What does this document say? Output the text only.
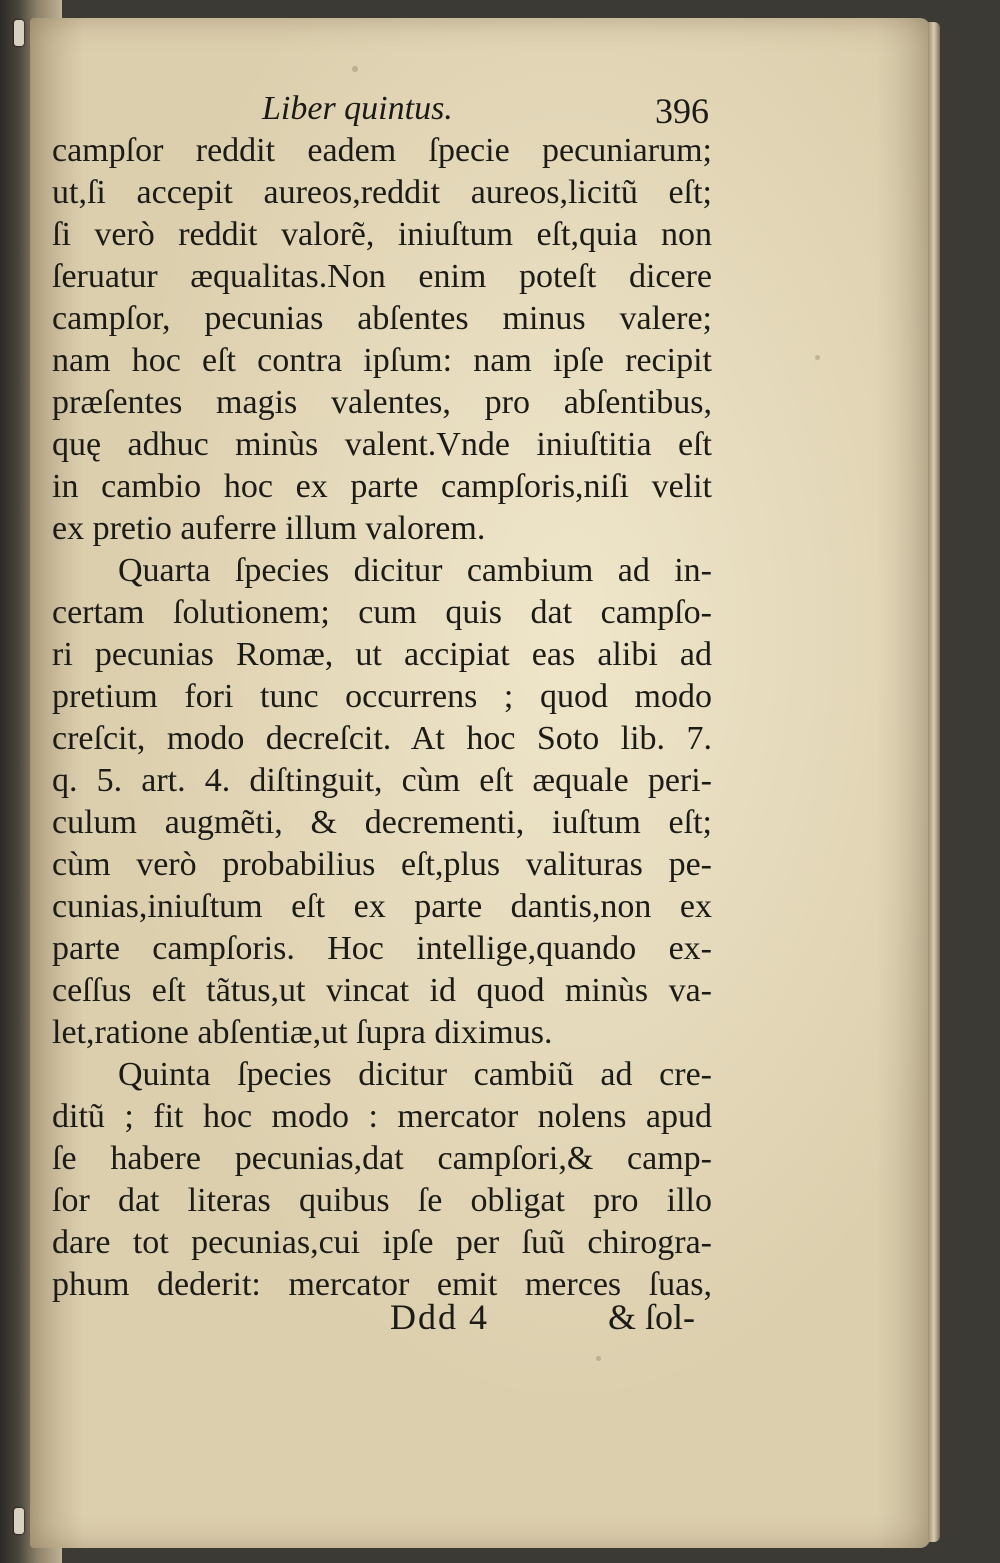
Liber quintus.	396
campſor reddit eadem ſpecie pecuniarum;
ut,ſi accepit aureos,reddit aureos,licitũ eſt;
ſi verò reddit valorẽ, iniuſtum eſt,quia non
ſeruatur æqualitas.Non enim poteſt dicere
campſor, pecunias abſentes minus valere;
nam hoc eſt contra ipſum: nam ipſe recipit
præſentes magis valentes, pro abſentibus,
quę adhuc minùs valent.Vnde iniuſtitia eſt
in cambio hoc ex parte campſoris,niſi velit
ex pretio auferre illum valorem.
Quarta ſpecies dicitur cambium ad in-
certam ſolutionem; cum quis dat campſo-
ri pecunias Romæ, ut accipiat eas alibi ad
pretium fori tunc occurrens ; quod modo
creſcit, modo decreſcit. At hoc Soto lib. 7.
q. 5. art. 4. diſtinguit, cùm eſt æquale peri-
culum augmẽti, & decrementi, iuſtum eſt;
cùm verò probabilius eſt,plus valituras pe-
cunias,iniuſtum eſt ex parte dantis,non ex
parte campſoris. Hoc intellige,quando ex-
ceſſus eſt tãtus,ut vincat id quod minùs va-
let,ratione abſentiæ,ut ſupra diximus.
Quinta ſpecies dicitur cambiũ ad cre-
ditũ ; fit hoc modo : mercator nolens apud
ſe habere pecunias,dat campſori,& camp-
ſor dat literas quibus ſe obligat pro illo
dare tot pecunias,cui ipſe per ſuũ chirogra-
phum dederit: mercator emit merces ſuas,
Ddd 4	& ſol-
